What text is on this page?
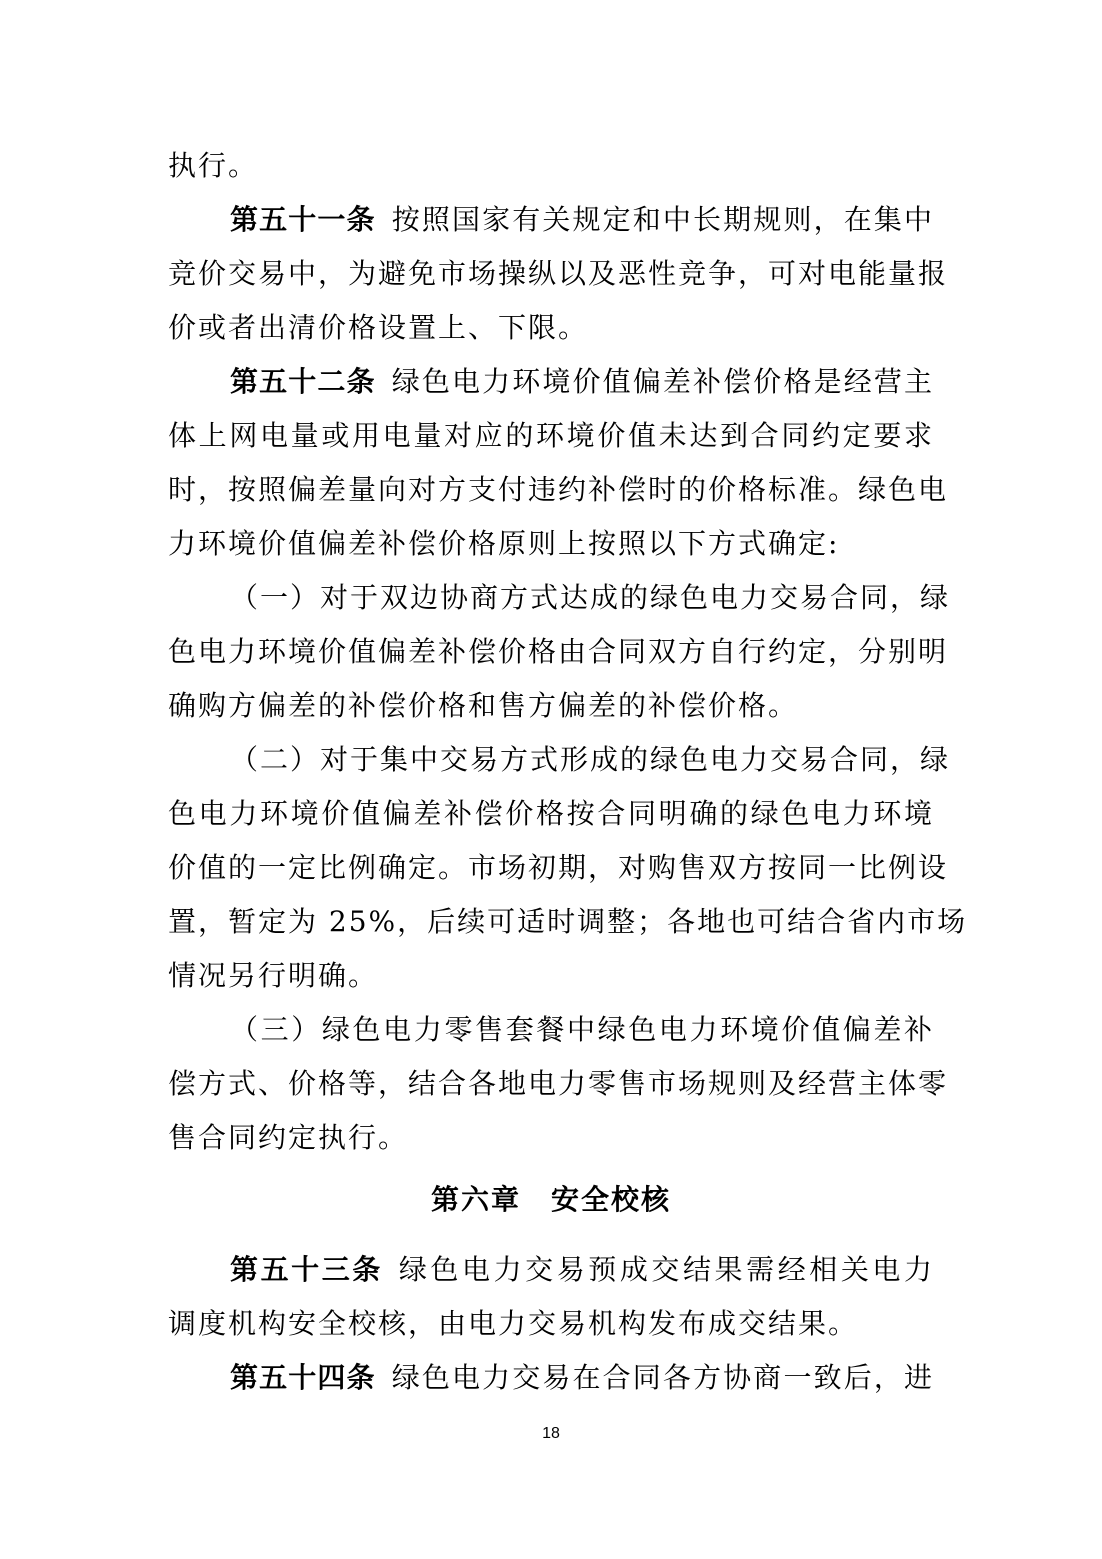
执行。
第五十一条 按照国家有关规定和中长期规则，在集中
竞价交易中，为避免市场操纵以及恶性竞争，可对电能量报
价或者出清价格设置上、下限。
第五十二条 绿色电力环境价值偏差补偿价格是经营主
体上网电量或用电量对应的环境价值未达到合同约定要求
时，按照偏差量向对方支付违约补偿时的价格标准。绿色电
力环境价值偏差补偿价格原则上按照以下方式确定:
（一）对于双边协商方式达成的绿色电力交易合同，绿
色电力环境价值偏差补偿价格由合同双方自行约定，分别明
确购方偏差的补偿价格和售方偏差的补偿价格。
（二）对于集中交易方式形成的绿色电力交易合同，绿
色电力环境价值偏差补偿价格按合同明确的绿色电力环境
价值的一定比例确定。市场初期，对购售双方按同一比例设
置，暂定为 25%，后续可适时调整；各地也可结合省内市场
情况另行明确。
（三）绿色电力零售套餐中绿色电力环境价值偏差补
偿方式、价格等，结合各地电力零售市场规则及经营主体零
售合同约定执行。
第六章　安全校核
第五十三条 绿色电力交易预成交结果需经相关电力
调度机构安全校核，由电力交易机构发布成交结果。
第五十四条 绿色电力交易在合同各方协商一致后，进
18
